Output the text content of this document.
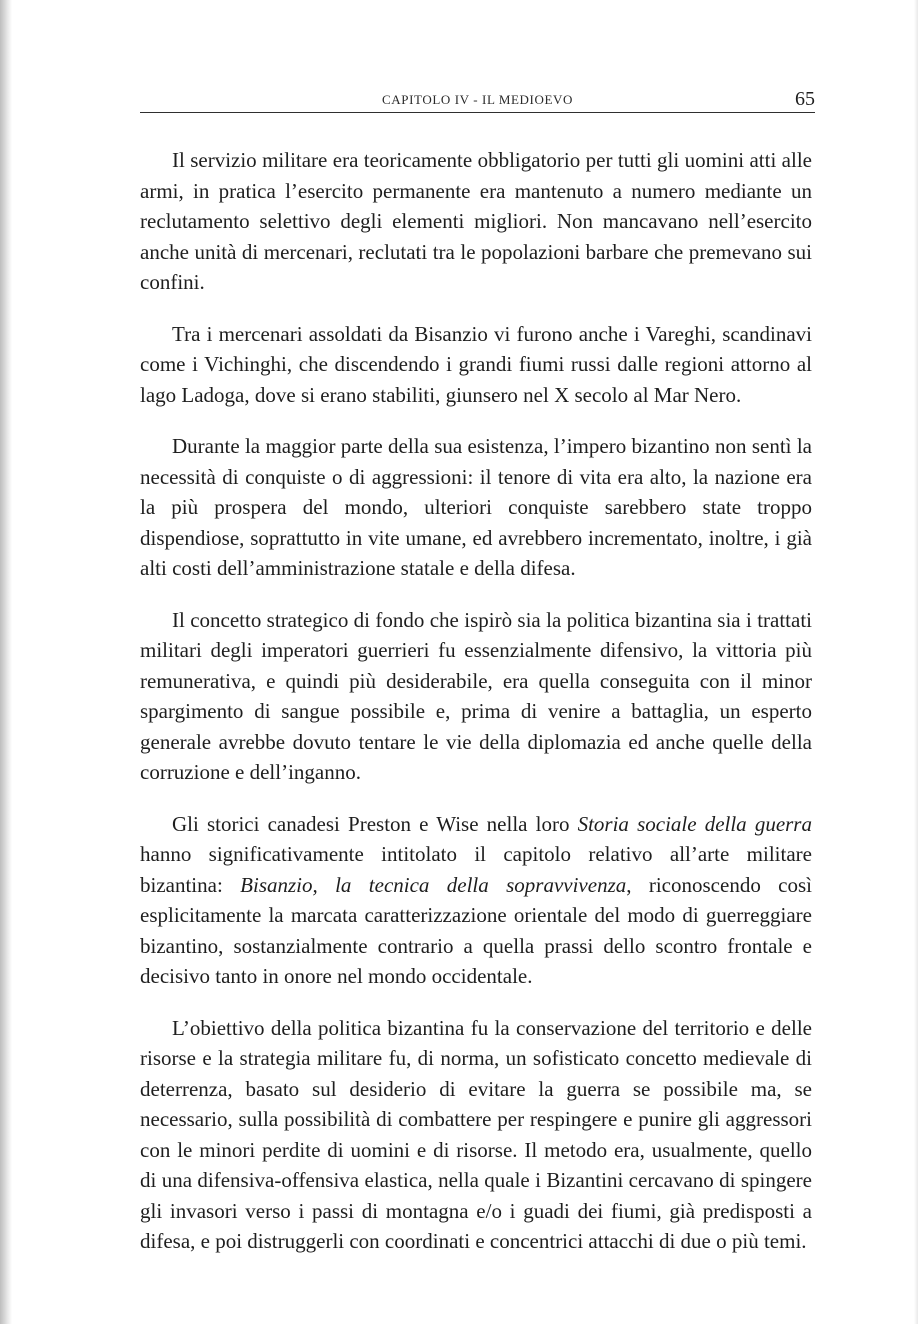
CAPITOLO IV - IL MEDIOEVO	65

Il servizio militare era teoricamente obbligatorio per tutti gli uomini atti alle armi, in pratica l’esercito permanente era mantenuto a numero mediante un reclutamento selettivo degli elementi migliori. Non mancavano nell’esercito anche unità di mercenari, reclutati tra le popolazioni barbare che premevano sui confini.

Tra i mercenari assoldati da Bisanzio vi furono anche i Vareghi, scandinavi come i Vichinghi, che discendendo i grandi fiumi russi dalle regioni attorno al lago Ladoga, dove si erano stabiliti, giunsero nel X secolo al Mar Nero.

Durante la maggior parte della sua esistenza, l’impero bizantino non sentì la necessità di conquiste o di aggressioni: il tenore di vita era alto, la nazione era la più prospera del mondo, ulteriori conquiste sarebbero state troppo dispendiose, soprattutto in vite umane, ed avrebbero incrementato, inoltre, i già alti costi dell’amministrazione statale e della difesa.

Il concetto strategico di fondo che ispirò sia la politica bizantina sia i trattati militari degli imperatori guerrieri fu essenzialmente difensivo, la vittoria più remunerativa, e quindi più desiderabile, era quella conseguita con il minor spargimento di sangue possibile e, prima di venire a battaglia, un esperto generale avrebbe dovuto tentare le vie della diplomazia ed anche quelle della corruzione e dell’inganno.

Gli storici canadesi Preston e Wise nella loro Storia sociale della guerra hanno significativamente intitolato il capitolo relativo all’arte militare bizantina: Bisanzio, la tecnica della sopravvivenza, riconoscendo così esplicitamente la marcata caratterizzazione orientale del modo di guerreggiare bizantino, sostanzialmente contrario a quella prassi dello scontro frontale e decisivo tanto in onore nel mondo occidentale.

L’obiettivo della politica bizantina fu la conservazione del territorio e delle risorse e la strategia militare fu, di norma, un sofisticato concetto medievale di deterrenza, basato sul desiderio di evitare la guerra se possibile ma, se necessario, sulla possibilità di combattere per respingere e punire gli aggressori con le minori perdite di uomini e di risorse. Il metodo era, usualmente, quello di una difensiva-offensiva elastica, nella quale i Bizantini cercavano di spingere gli invasori verso i passi di montagna e/o i guadi dei fiumi, già predisposti a difesa, e poi distruggerli con coordinati e concentrici attacchi di due o più temi.
